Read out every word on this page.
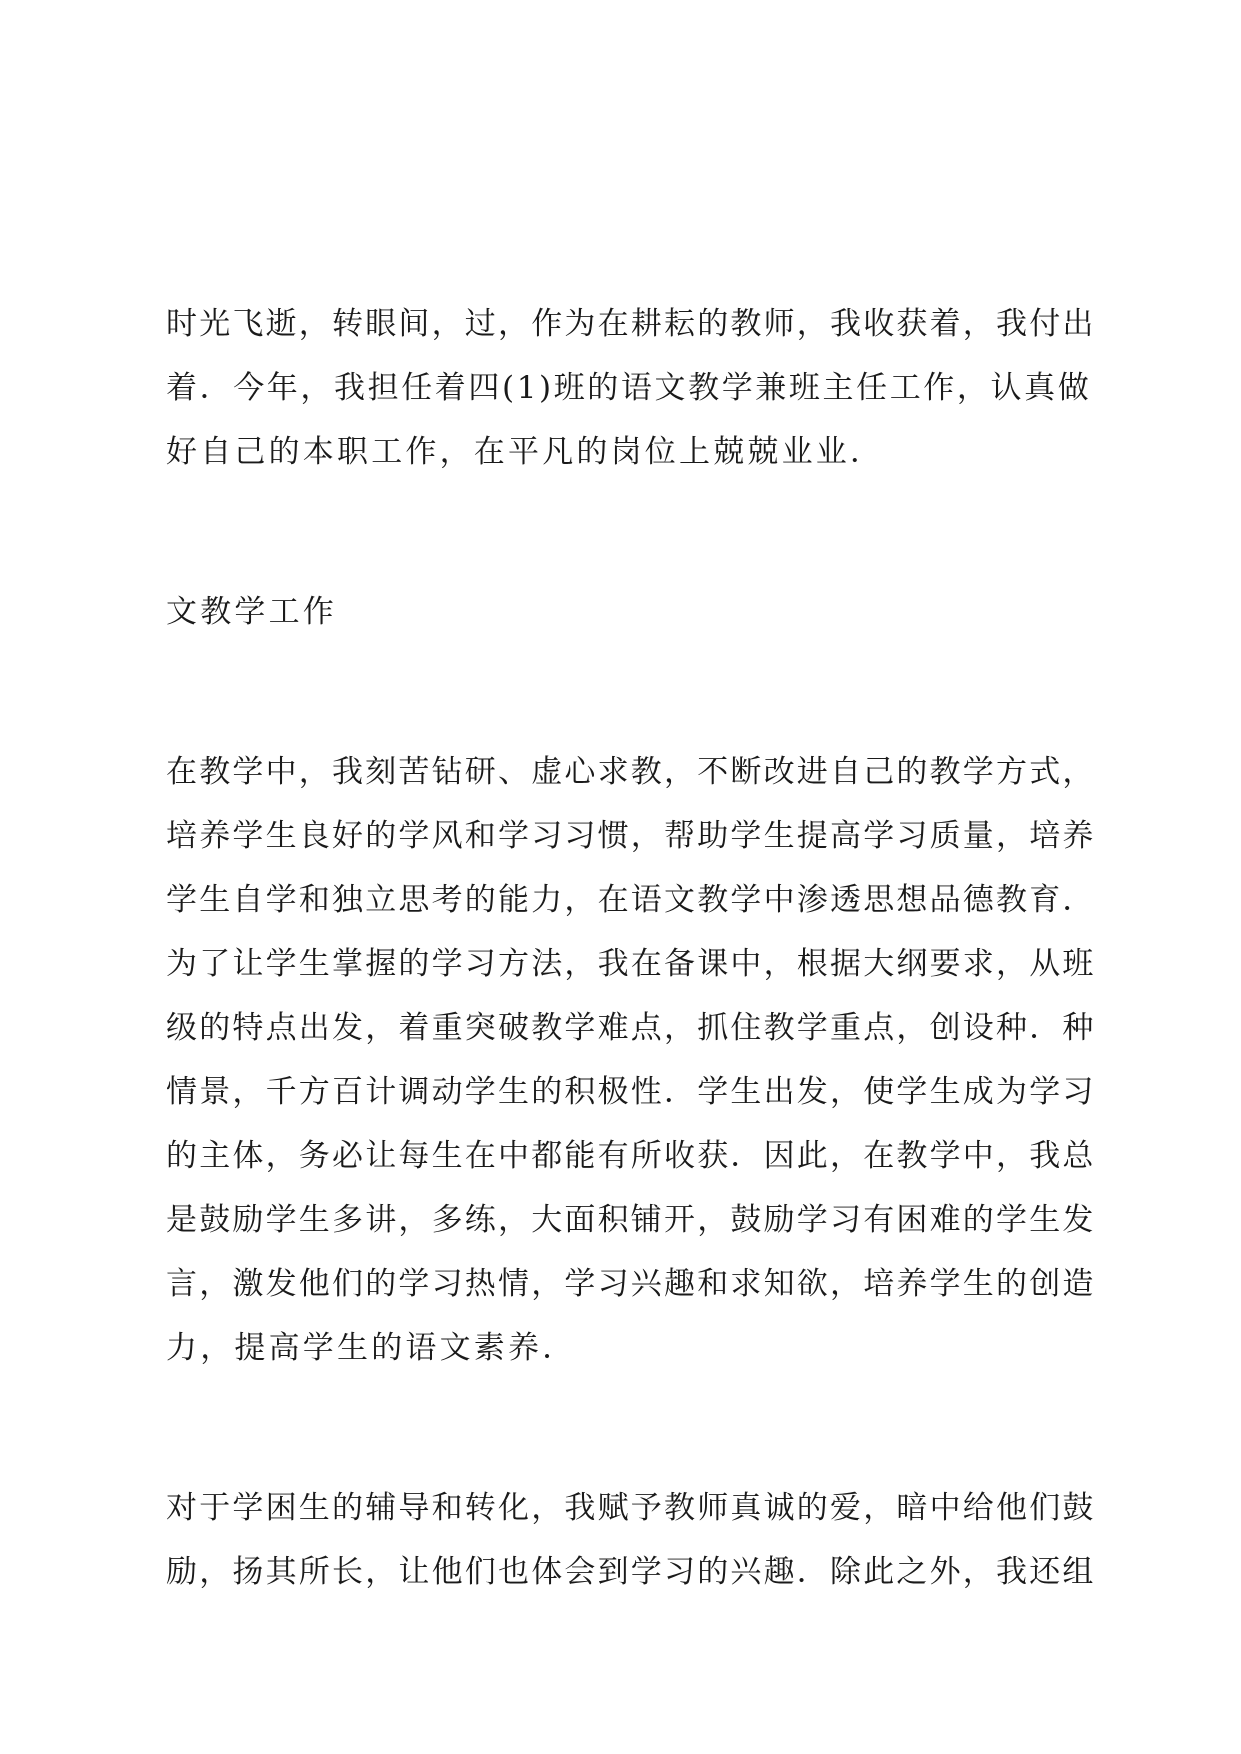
时光飞逝，转眼间，过，作为在耕耘的教师，我收获着，我付出
着．今年，我担任着四(1)班的语文教学兼班主任工作，认真做
好自己的本职工作，在平凡的岗位上兢兢业业．
文教学工作
在教学中，我刻苦钻研、虚心求教，不断改进自己的教学方式，
培养学生良好的学风和学习习惯，帮助学生提高学习质量，培养
学生自学和独立思考的能力，在语文教学中渗透思想品德教育．
为了让学生掌握的学习方法，我在备课中，根据大纲要求，从班
级的特点出发，着重突破教学难点，抓住教学重点，创设种．种
情景，千方百计调动学生的积极性．学生出发，使学生成为学习
的主体，务必让每生在中都能有所收获．因此，在教学中，我总
是鼓励学生多讲，多练，大面积铺开，鼓励学习有困难的学生发
言，激发他们的学习热情，学习兴趣和求知欲，培养学生的创造
力，提高学生的语文素养．
对于学困生的辅导和转化，我赋予教师真诚的爱，暗中给他们鼓
励，扬其所长，让他们也体会到学习的兴趣．除此之外，我还组
